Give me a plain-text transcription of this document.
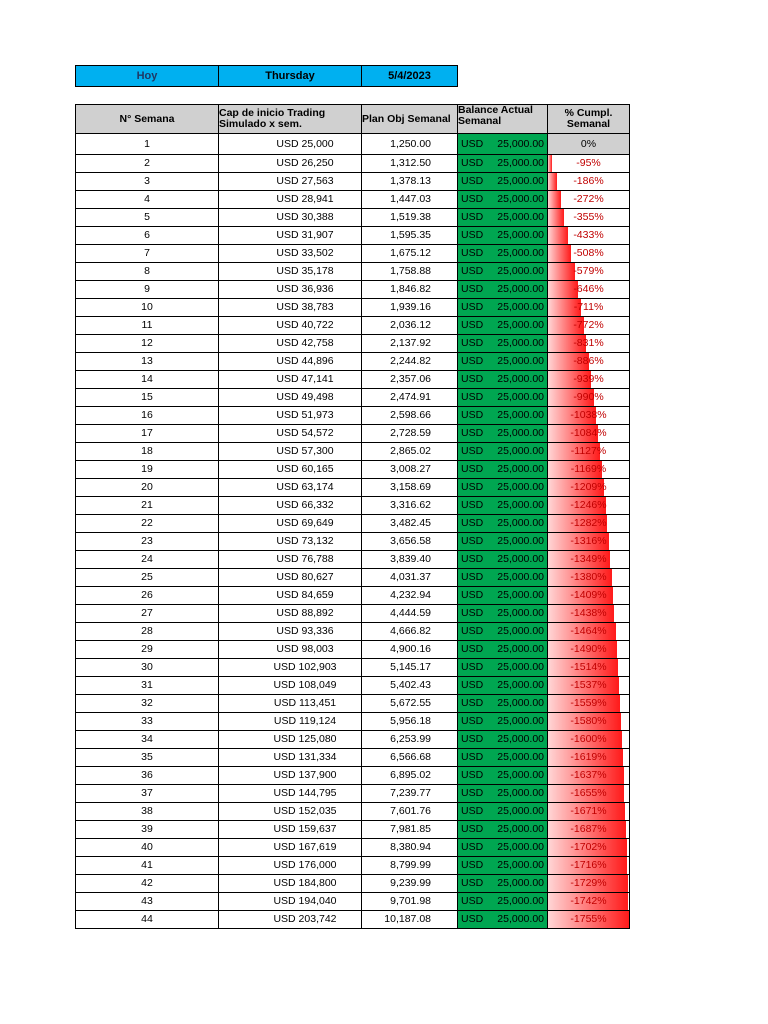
Hoy	Thursday	5/4/2023
N° Semana	Cap de inicio Trading Simulado x sem.	Plan Obj Semanal	Balance Actual Semanal	% Cumpl. Semanal
1	USD 25,000	1,250.00	USD 25,000.00	0%
2	USD 26,250	1,312.50	USD 25,000.00	-95%
3	USD 27,563	1,378.13	USD 25,000.00	-186%
4	USD 28,941	1,447.03	USD 25,000.00	-272%
5	USD 30,388	1,519.38	USD 25,000.00	-355%
6	USD 31,907	1,595.35	USD 25,000.00	-433%
7	USD 33,502	1,675.12	USD 25,000.00	-508%
8	USD 35,178	1,758.88	USD 25,000.00	-579%
9	USD 36,936	1,846.82	USD 25,000.00	-646%
10	USD 38,783	1,939.16	USD 25,000.00	-711%
11	USD 40,722	2,036.12	USD 25,000.00	-772%
12	USD 42,758	2,137.92	USD 25,000.00	-831%
13	USD 44,896	2,244.82	USD 25,000.00	-886%
14	USD 47,141	2,357.06	USD 25,000.00	-939%
15	USD 49,498	2,474.91	USD 25,000.00	-990%
16	USD 51,973	2,598.66	USD 25,000.00	-1038%
17	USD 54,572	2,728.59	USD 25,000.00	-1084%
18	USD 57,300	2,865.02	USD 25,000.00	-1127%
19	USD 60,165	3,008.27	USD 25,000.00	-1169%
20	USD 63,174	3,158.69	USD 25,000.00	-1209%
21	USD 66,332	3,316.62	USD 25,000.00	-1246%
22	USD 69,649	3,482.45	USD 25,000.00	-1282%
23	USD 73,132	3,656.58	USD 25,000.00	-1316%
24	USD 76,788	3,839.40	USD 25,000.00	-1349%
25	USD 80,627	4,031.37	USD 25,000.00	-1380%
26	USD 84,659	4,232.94	USD 25,000.00	-1409%
27	USD 88,892	4,444.59	USD 25,000.00	-1438%
28	USD 93,336	4,666.82	USD 25,000.00	-1464%
29	USD 98,003	4,900.16	USD 25,000.00	-1490%
30	USD 102,903	5,145.17	USD 25,000.00	-1514%
31	USD 108,049	5,402.43	USD 25,000.00	-1537%
32	USD 113,451	5,672.55	USD 25,000.00	-1559%
33	USD 119,124	5,956.18	USD 25,000.00	-1580%
34	USD 125,080	6,253.99	USD 25,000.00	-1600%
35	USD 131,334	6,566.68	USD 25,000.00	-1619%
36	USD 137,900	6,895.02	USD 25,000.00	-1637%
37	USD 144,795	7,239.77	USD 25,000.00	-1655%
38	USD 152,035	7,601.76	USD 25,000.00	-1671%
39	USD 159,637	7,981.85	USD 25,000.00	-1687%
40	USD 167,619	8,380.94	USD 25,000.00	-1702%
41	USD 176,000	8,799.99	USD 25,000.00	-1716%
42	USD 184,800	9,239.99	USD 25,000.00	-1729%
43	USD 194,040	9,701.98	USD 25,000.00	-1742%
44	USD 203,742	10,187.08	USD 25,000.00	-1755%
